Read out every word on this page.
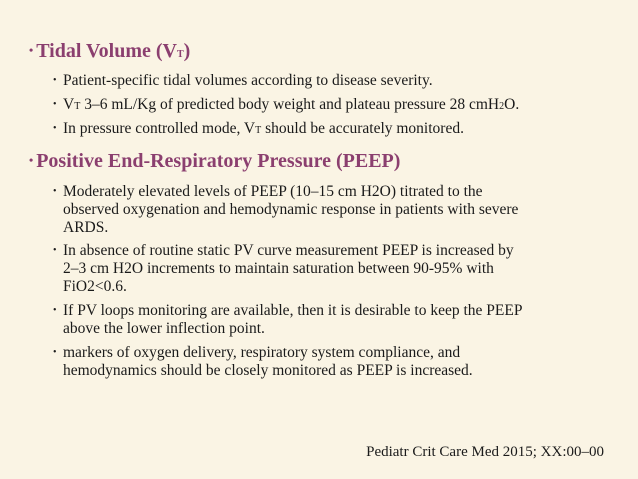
• Tidal Volume (VT)
• Patient-specific tidal volumes according to disease severity.
• VT 3–6 mL/Kg of predicted body weight and plateau pressure 28 cmH2O.
• In pressure controlled mode, VT should be accurately monitored.
• Positive End-Respiratory Pressure (PEEP)
• Moderately elevated levels of PEEP (10–15 cm H2O) titrated to the
observed oxygenation and hemodynamic response in patients with severe
ARDS.
• In absence of routine static PV curve measurement PEEP is increased by
2–3 cm H2O increments to maintain saturation between 90-95% with
FiO2<0.6.
• If PV loops monitoring are available, then it is desirable to keep the PEEP
above the lower inflection point.
• markers of oxygen delivery, respiratory system compliance, and
hemodynamics should be closely monitored as PEEP is increased.
Pediatr Crit Care Med 2015; XX:00–00
